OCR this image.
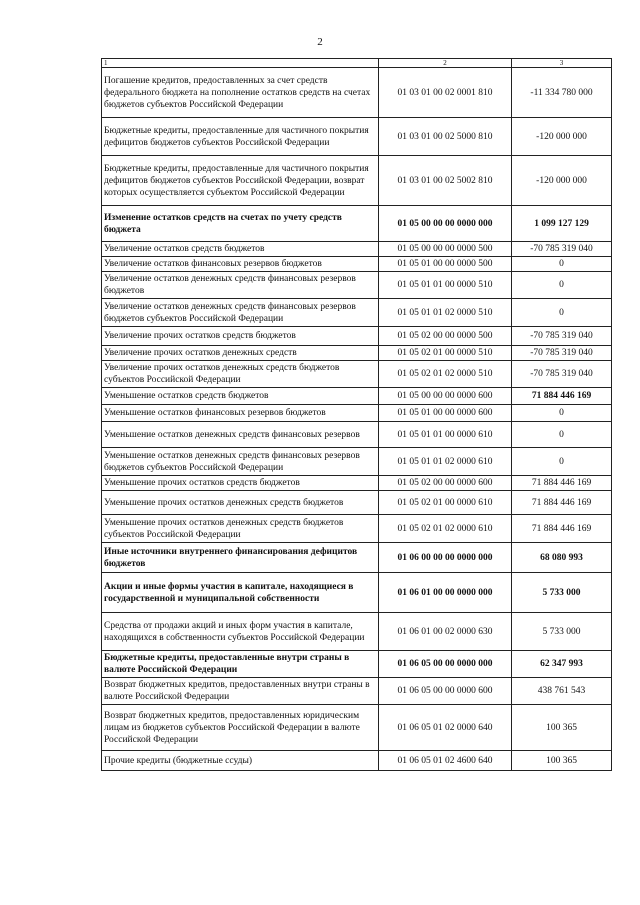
2
1	2	3
Погашение кредитов, предоставленных за счет средств федерального бюджета на пополнение остатков средств на счетах бюджетов субъектов Российской Федерации	01 03 01 00 02 0001 810	-11 334 780 000
Бюджетные кредиты, предоставленные для частичного покрытия дефицитов бюджетов субъектов Российской Федерации	01 03 01 00 02 5000 810	-120 000 000
Бюджетные кредиты, предоставленные для частичного покрытия дефицитов бюджетов субъектов Российской Федерации, возврат которых осуществляется субъектом Российской Федерации	01 03 01 00 02 5002 810	-120 000 000
Изменение остатков средств на счетах по учету средств бюджета	01 05 00 00 00 0000 000	1 099 127 129
Увеличение остатков средств бюджетов	01 05 00 00 00 0000 500	-70 785 319 040
Увеличение остатков финансовых резервов бюджетов	01 05 01 00 00 0000 500	0
Увеличение остатков денежных средств финансовых резервов бюджетов	01 05 01 01 00 0000 510	0
Увеличение остатков денежных средств финансовых резервов бюджетов субъектов Российской Федерации	01 05 01 01 02 0000 510	0
Увеличение прочих остатков средств бюджетов	01 05 02 00 00 0000 500	-70 785 319 040
Увеличение прочих остатков денежных средств	01 05 02 01 00 0000 510	-70 785 319 040
Увеличение прочих остатков денежных средств бюджетов субъектов Российской Федерации	01 05 02 01 02 0000 510	-70 785 319 040
Уменьшение остатков средств бюджетов	01 05 00 00 00 0000 600	71 884 446 169
Уменьшение остатков финансовых резервов бюджетов	01 05 01 00 00 0000 600	0
Уменьшение остатков денежных средств финансовых резервов	01 05 01 01 00 0000 610	0
Уменьшение остатков денежных средств финансовых резервов бюджетов субъектов Российской Федерации	01 05 01 01 02 0000 610	0
Уменьшение прочих остатков средств бюджетов	01 05 02 00 00 0000 600	71 884 446 169
Уменьшение прочих остатков денежных средств бюджетов	01 05 02 01 00 0000 610	71 884 446 169
Уменьшение прочих остатков денежных средств бюджетов субъектов Российской Федерации	01 05 02 01 02 0000 610	71 884 446 169
Иные источники внутреннего финансирования дефицитов бюджетов	01 06 00 00 00 0000 000	68 080 993
Акции и иные формы участия в капитале, находящиеся в государственной и муниципальной собственности	01 06 01 00 00 0000 000	5 733 000
Средства от продажи акций и иных форм участия в капитале, находящихся в собственности субъектов Российской Федерации	01 06 01 00 02 0000 630	5 733 000
Бюджетные кредиты, предоставленные внутри страны в валюте Российской Федерации	01 06 05 00 00 0000 000	62 347 993
Возврат бюджетных кредитов, предоставленных внутри страны в валюте Российской Федерации	01 06 05 00 00 0000 600	438 761 543
Возврат бюджетных кредитов, предоставленных юридическим лицам из бюджетов субъектов Российской Федерации в валюте Российской Федерации	01 06 05 01 02 0000 640	100 365
Прочие кредиты (бюджетные ссуды)	01 06 05 01 02 4600 640	100 365
